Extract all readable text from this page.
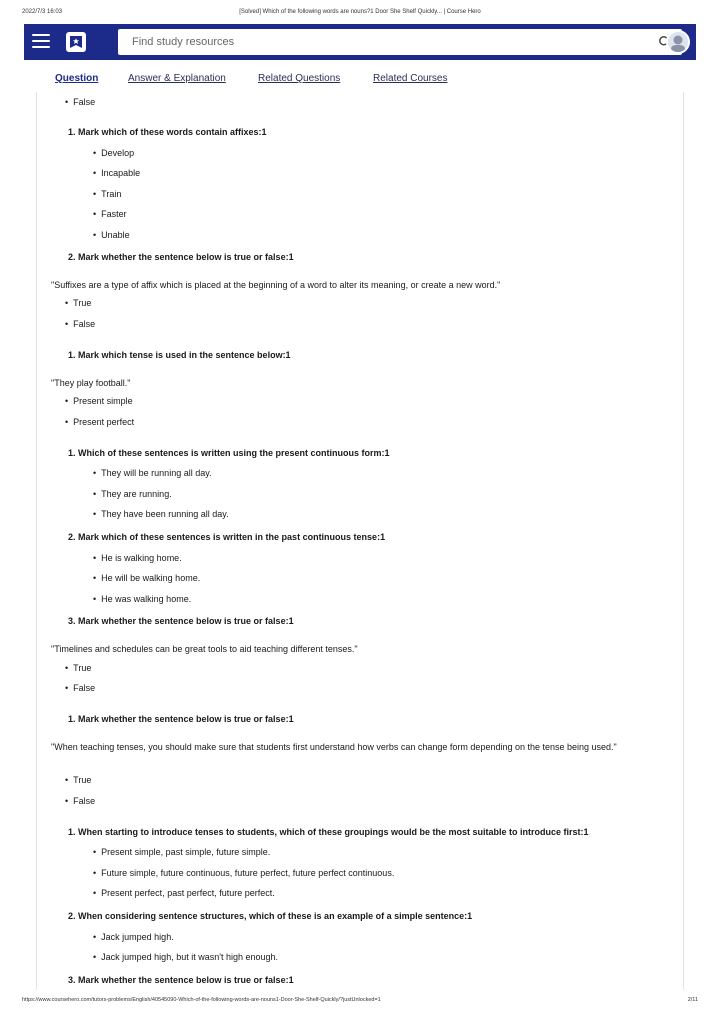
2022/7/3 16:03	[Solved] Which of the following words are nouns?1 Door She Shelf Quickly... | Course Hero
Find study resources
Question	Answer & Explanation	Related Questions	Related Courses
•  False
1. Mark which of these words contain affixes:1
•  Develop
•  Incapable
•  Train
•  Faster
•  Unable
2. Mark whether the sentence below is true or false:1
"Suffixes are a type of affix which is placed at the beginning of a word to alter its meaning, or create a new word."
•  True
•  False
1. Mark which tense is used in the sentence below:1
"They play football."
•  Present simple
•  Present perfect
1. Which of these sentences is written using the present continuous form:1
•  They will be running all day.
•  They are running.
•  They have been running all day.
2. Mark which of these sentences is written in the past continuous tense:1
•  He is walking home.
•  He will be walking home.
•  He was walking home.
3. Mark whether the sentence below is true or false:1
"Timelines and schedules can be great tools to aid teaching different tenses."
•  True
•  False
1. Mark whether the sentence below is true or false:1
"When teaching tenses, you should make sure that students first understand how verbs can change form depending on the tense being used."
•  True
•  False
1. When starting to introduce tenses to students, which of these groupings would be the most suitable to introduce first:1
•  Present simple, past simple, future simple.
•  Future simple, future continuous, future perfect, future perfect continuous.
•  Present perfect, past perfect, future perfect.
2. When considering sentence structures, which of these is an example of a simple sentence:1
•  Jack jumped high.
•  Jack jumped high, but it wasn't high enough.
3. Mark whether the sentence below is true or false:1
https://www.coursehero.com/tutors-problems/English/40545090-Which-of-the-following-words-are-nouns1-Door-She-Shelf-Quickly/?justUnlocked=1	2/11
